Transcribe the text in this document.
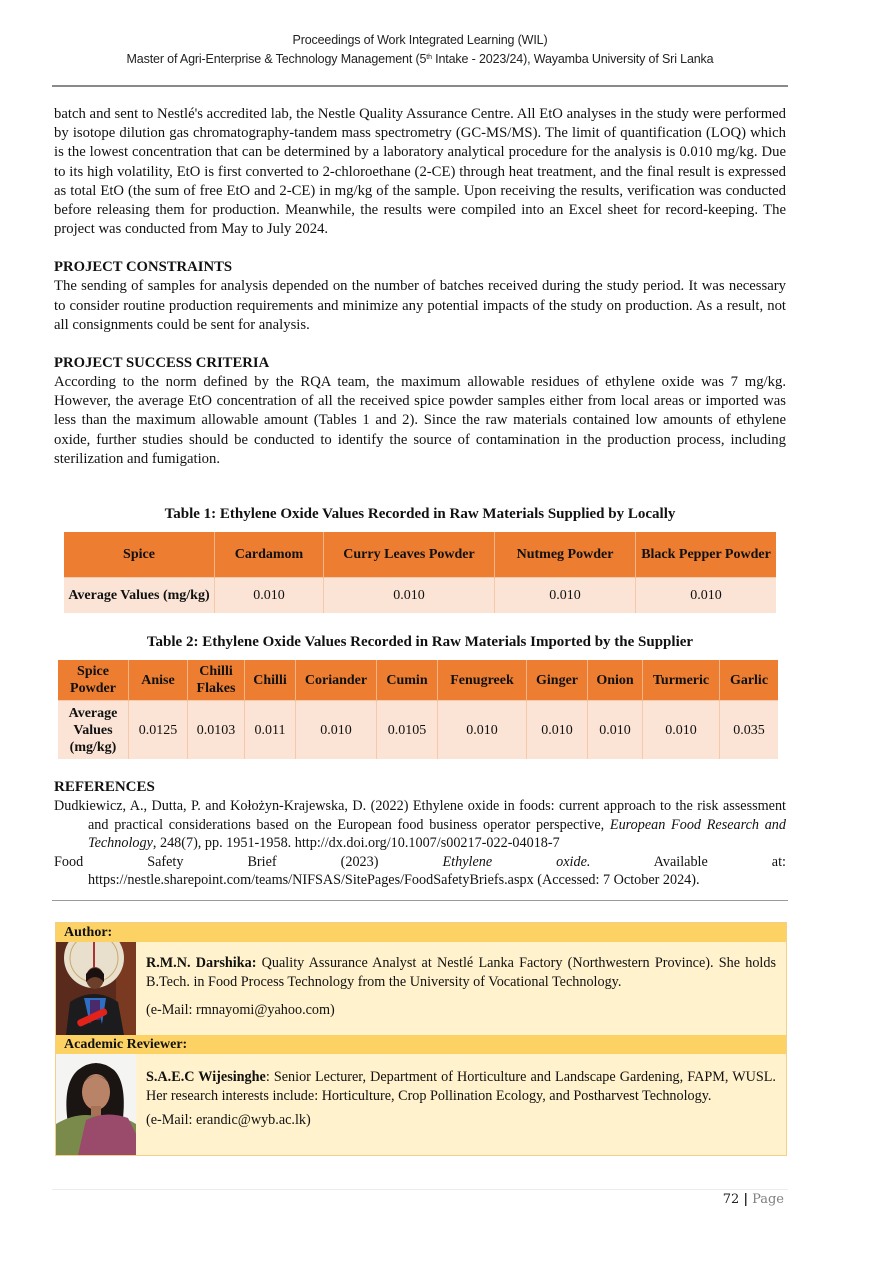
Proceedings of Work Integrated Learning (WIL)
Master of Agri-Enterprise & Technology Management (5th Intake - 2023/24), Wayamba University of Sri Lanka

batch and sent to Nestlé's accredited lab, the Nestle Quality Assurance Centre. All EtO analyses in the study were performed by isotope dilution gas chromatography-tandem mass spectrometry (GC-MS/MS). The limit of quantification (LOQ) which is the lowest concentration that can be determined by a laboratory analytical procedure for the analysis is 0.010 mg/kg. Due to its high volatility, EtO is first converted to 2-chloroethane (2-CE) through heat treatment, and the final result is expressed as total EtO (the sum of free EtO and 2-CE) in mg/kg of the sample. Upon receiving the results, verification was conducted before releasing them for production. Meanwhile, the results were compiled into an Excel sheet for record-keeping. The project was conducted from May to July 2024.

PROJECT CONSTRAINTS

The sending of samples for analysis depended on the number of batches received during the study period. It was necessary to consider routine production requirements and minimize any potential impacts of the study on production. As a result, not all consignments could be sent for analysis.

PROJECT SUCCESS CRITERIA

According to the norm defined by the RQA team, the maximum allowable residues of ethylene oxide was 7 mg/kg. However, the average EtO concentration of all the received spice powder samples either from local areas or imported was less than the maximum allowable amount (Tables 1 and 2). Since the raw materials contained low amounts of ethylene oxide, further studies should be conducted to identify the source of contamination in the production process, including sterilization and fumigation.

Table 1: Ethylene Oxide Values Recorded in Raw Materials Supplied by Locally
Spice	Cardamom	Curry Leaves Powder	Nutmeg Powder	Black Pepper Powder
Average Values (mg/kg)	0.010	0.010	0.010	0.010
Table 2: Ethylene Oxide Values Recorded in Raw Materials Imported by the Supplier
Spice Powder	Anise	Chilli Flakes	Chilli	Coriander	Cumin	Fenugreek	Ginger	Onion	Turmeric	Garlic
Average Values (mg/kg)	0.0125	0.0103	0.011	0.010	0.0105	0.010	0.010	0.010	0.010	0.035
REFERENCES
Dudkiewicz, A., Dutta, P. and Kołożyn-Krajewska, D. (2022) Ethylene oxide in foods: current approach to the risk assessment and practical considerations based on the European food business operator perspective, European Food Research and Technology, 248(7), pp. 1951-1958. http://dx.doi.org/10.1007/s00217-022-04018-7
Food Safety Brief (2023) Ethylene oxide. Available at: https://nestle.sharepoint.com/teams/NIFSAS/SitePages/FoodSafetyBriefs.aspx (Accessed: 7 October 2024).
Author:

R.M.N. Darshika: Quality Assurance Analyst at Nestlé Lanka Factory (Northwestern Province). She holds B.Tech. in Food Process Technology from the University of Vocational Technology.

(e-Mail: rmnayomi@yahoo.com)

Academic Reviewer:

S.A.E.C Wijesinghe: Senior Lecturer, Department of Horticulture and Landscape Gardening, FAPM, WUSL. Her research interests include: Horticulture, Crop Pollination Ecology, and Postharvest Technology.

(e-Mail: erandic@wyb.ac.lk)

72 | Page
